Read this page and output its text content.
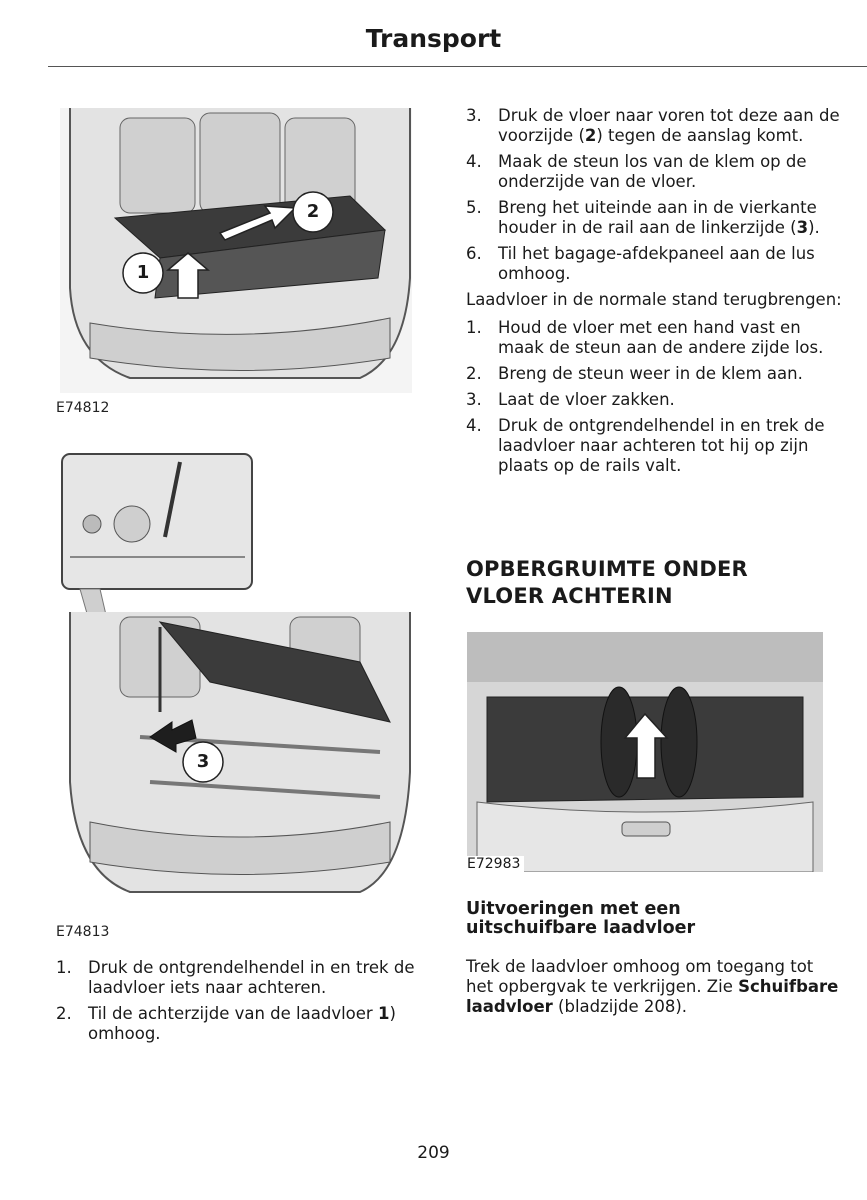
Transport
1
2
E74812
3
E74813
1. Druk de ontgrendelhendel in en trek de laadvloer iets naar achteren.
2. Til de achterzijde van de laadvloer 1)
omhoog.
3. Druk de vloer naar voren tot deze aan de voorzijde (2) tegen de aanslag komt.
4. Maak de steun los van de klem op de onderzijde van de vloer.
5. Breng het uiteinde aan in de vierkante houder in de rail aan de linkerzijde (3).
6. Til het bagage-afdekpaneel aan de lus omhoog.
Laadvloer in de normale stand terugbrengen:
1. Houd de vloer met een hand vast en maak de steun aan de andere zijde los.
2. Breng de steun weer in de klem aan.
3. Laat de vloer zakken.
4. Druk de ontgrendelhendel in en trek de laadvloer naar achteren tot hij op zijn plaats op de rails valt.
OPBERGRUIMTE ONDER
VLOER ACHTERIN
E72983
Uitvoeringen met een
uitschuifbare laadvloer
Trek de laadvloer omhoog om toegang tot het opbergvak te verkrijgen. Zie Schuifbare laadvloer (bladzijde 208).
209
